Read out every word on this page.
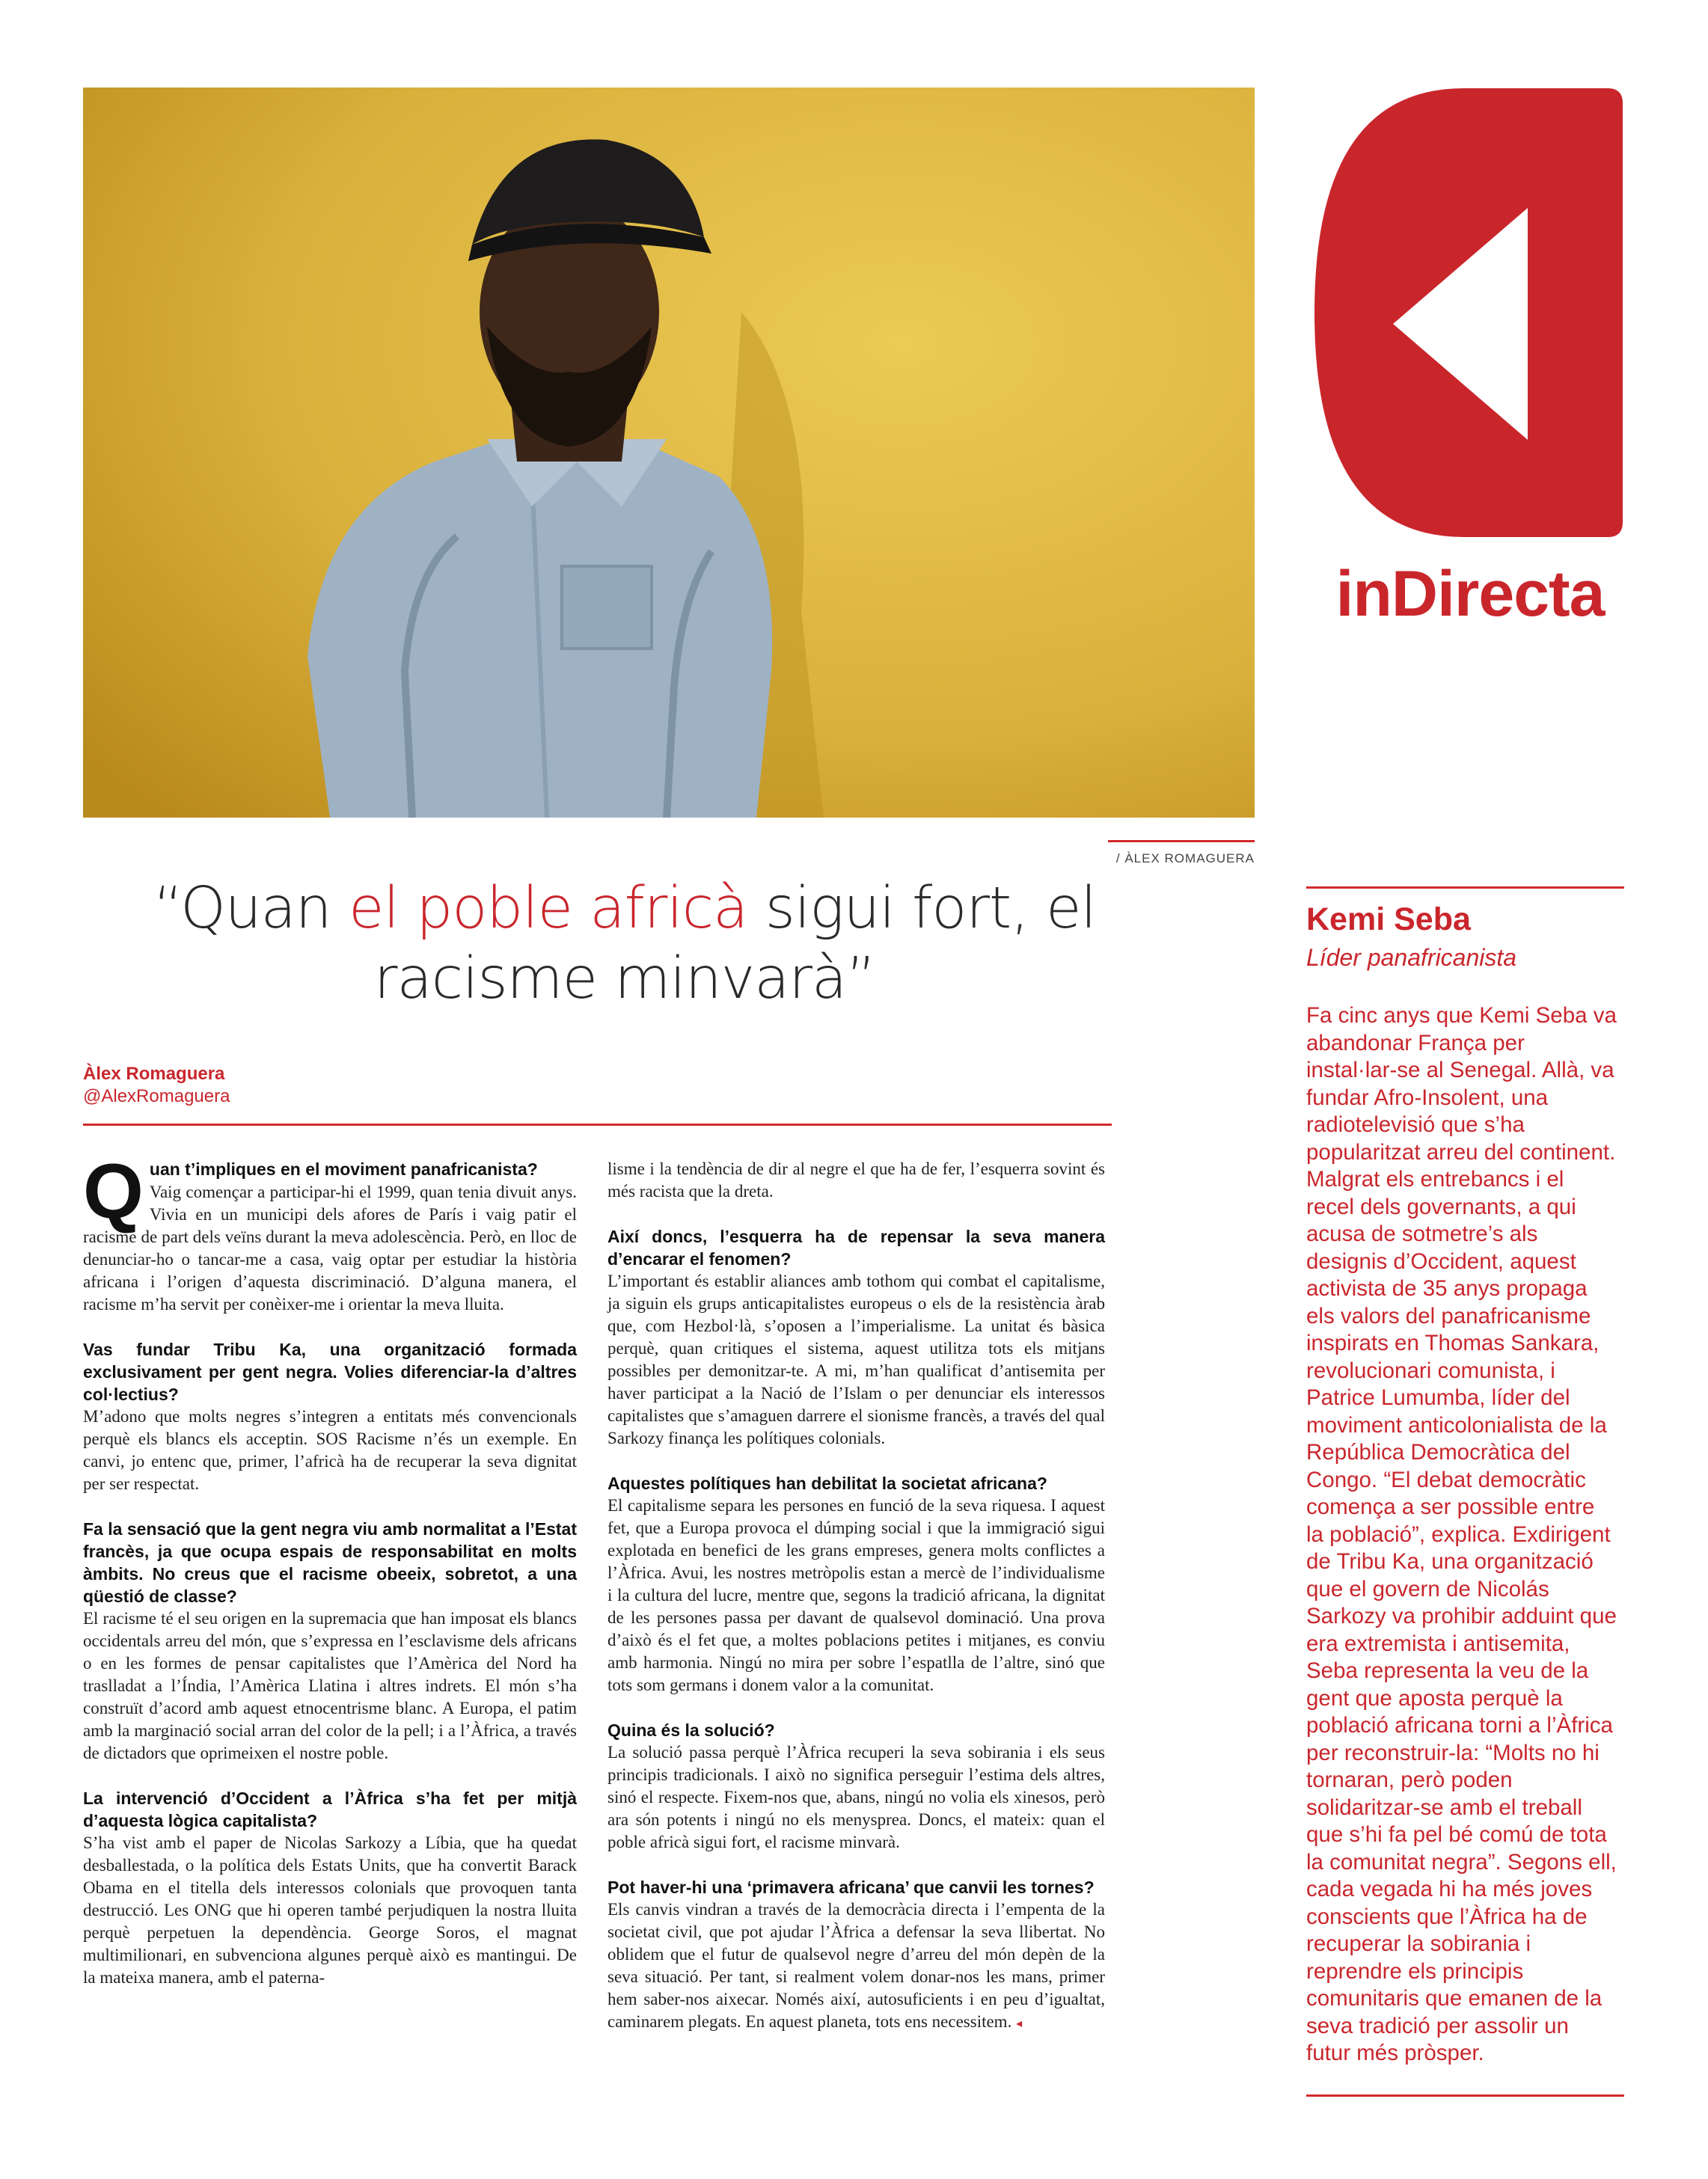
/ ÀLEX ROMAGUERA
inDirecta
“Quan el poble africà sigui fort, el racisme minvarà”
Àlex Romaguera
@AlexRomaguera

Q uan t’impliques en el moviment panafricanista?
Vaig començar a participar-hi el 1999, quan tenia divuit anys. Vivia en un municipi dels afores de París i vaig patir el racisme de part dels veïns durant la meva adolescència. Però, en lloc de denunciar-ho o tancar-me a casa, vaig optar per estudiar la història africana i l’origen d’aquesta discriminació. D’alguna manera, el racisme m’ha servit per conèixer-me i orientar la meva lluita.

Vas fundar Tribu Ka, una organització formada exclusivament per gent negra. Volies diferenciar-la d’altres col·lectius?
M’adono que molts negres s’integren a entitats més convencionals perquè els blancs els acceptin. SOS Racisme n’és un exemple. En canvi, jo entenc que, primer, l’africà ha de recuperar la seva dignitat per ser respectat.

Fa la sensació que la gent negra viu amb normalitat a l’Estat francès, ja que ocupa espais de responsabilitat en molts àmbits. No creus que el racisme obeeix, sobretot, a una qüestió de classe?
El racisme té el seu origen en la supremacia que han imposat els blancs occidentals arreu del món, que s’expressa en l’esclavisme dels africans o en les formes de pensar capitalistes que l’Amèrica del Nord ha traslladat a l’Índia, l’Amèrica Llatina i altres indrets. El món s’ha construït d’acord amb aquest etnocentrisme blanc. A Europa, el patim amb la marginació social arran del color de la pell; i a l’Àfrica, a través de dictadors que oprimeixen el nostre poble.

La intervenció d’Occident a l’Àfrica s’ha fet per mitjà d’aquesta lògica capitalista?
S’ha vist amb el paper de Nicolas Sarkozy a Líbia, que ha quedat desballestada, o la política dels Estats Units, que ha convertit Barack Obama en el titella dels interessos colonials que provoquen tanta destrucció. Les ONG que hi operen també perjudiquen la nostra lluita perquè perpetuen la dependència. George Soros, el magnat multimilionari, en subvenciona algunes perquè això es mantingui. De la mateixa manera, amb el paterna-

lisme i la tendència de dir al negre el que ha de fer, l’esquerra sovint és més racista que la dreta.

Així doncs, l’esquerra ha de repensar la seva manera d’encarar el fenomen?
L’important és establir aliances amb tothom qui combat el capitalisme, ja siguin els grups anticapitalistes europeus o els de la resistència àrab que, com Hezbol·là, s’oposen a l’imperialisme. La unitat és bàsica perquè, quan critiques el sistema, aquest utilitza tots els mitjans possibles per demonitzar-te. A mi, m’han qualificat d’antisemita per haver participat a la Nació de l’Islam o per denunciar els interessos capitalistes que s’amaguen darrere el sionisme francès, a través del qual Sarkozy finança les polítiques colonials.

Aquestes polítiques han debilitat la societat africana?
El capitalisme separa les persones en funció de la seva riquesa. I aquest fet, que a Europa provoca el dúmping social i que la immigració sigui explotada en benefici de les grans empreses, genera molts conflictes a l’Àfrica. Avui, les nostres metròpolis estan a mercè de l’individualisme i la cultura del lucre, mentre que, segons la tradició africana, la dignitat de les persones passa per davant de qualsevol dominació. Una prova d’això és el fet que, a moltes poblacions petites i mitjanes, es conviu amb harmonia. Ningú no mira per sobre l’espatlla de l’altre, sinó que tots som germans i donem valor a la comunitat.

Quina és la solució?
La solució passa perquè l’Àfrica recuperi la seva sobirania i els seus principis tradicionals. I això no significa perseguir l’estima dels altres, sinó el respecte. Fixem-nos que, abans, ningú no volia els xinesos, però ara són potents i ningú no els menysprea. Doncs, el mateix: quan el poble africà sigui fort, el racisme minvarà.

Pot haver-hi una ‘primavera africana’ que canvii les tornes?
Els canvis vindran a través de la democràcia directa i l’empenta de la societat civil, que pot ajudar l’Àfrica a defensar la seva llibertat. No oblidem que el futur de qualsevol negre d’arreu del món depèn de la seva situació. Per tant, si realment volem donar-nos les mans, primer hem saber-nos aixecar. Només així, autosuficients i en peu d’igualtat, caminarem plegats. En aquest planeta, tots ens necessitem. ◂

Kemi Seba
Líder panafricanista
Fa cinc anys que Kemi Seba va abandonar França per instal·lar-se al Senegal. Allà, va fundar Afro-Insolent, una radiotelevisió que s’ha popularitzat arreu del continent. Malgrat els entrebancs i el recel dels governants, a qui acusa de sotmetre’s als designis d’Occident, aquest activista de 35 anys propaga els valors del panafricanisme inspirats en Thomas Sankara, revolucionari comunista, i Patrice Lumumba, líder del moviment anticolonialista de la República Democràtica del Congo. “El debat democràtic comença a ser possible entre la població”, explica. Exdirigent de Tribu Ka, una organització que el govern de Nicolás Sarkozy va prohibir adduint que era extremista i antisemita, Seba representa la veu de la gent que aposta perquè la població africana torni a l’Àfrica per reconstruir-la: “Molts no hi tornaran, però poden solidaritzar-se amb el treball que s’hi fa pel bé comú de tota la comunitat negra”. Segons ell, cada vegada hi ha més joves conscients que l’Àfrica ha de recuperar la sobirania i reprendre els principis comunitaris que emanen de la seva tradició per assolir un futur més pròsper.
